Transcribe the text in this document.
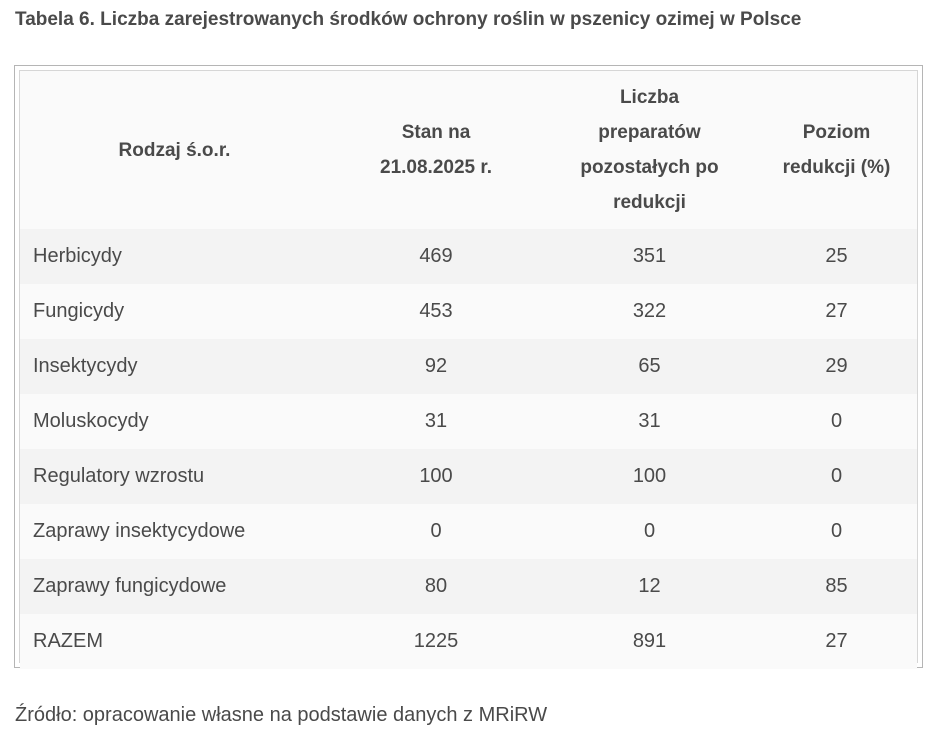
Tabela 6. Liczba zarejestrowanych środków ochrony roślin w pszenicy ozimej w Polsce
Rodzaj ś.o.r.	Stan na 21.08.2025 r.	Liczba preparatów pozostałych po redukcji	Poziom redukcji (%)
Herbicydy	469	351	25
Fungicydy	453	322	27
Insektycydy	92	65	29
Moluskocydy	31	31	0
Regulatory wzrostu	100	100	0
Zaprawy insektycydowe	0	0	0
Zaprawy fungicydowe	80	12	85
RAZEM	1225	891	27
Źródło: opracowanie własne na podstawie danych z MRiRW
